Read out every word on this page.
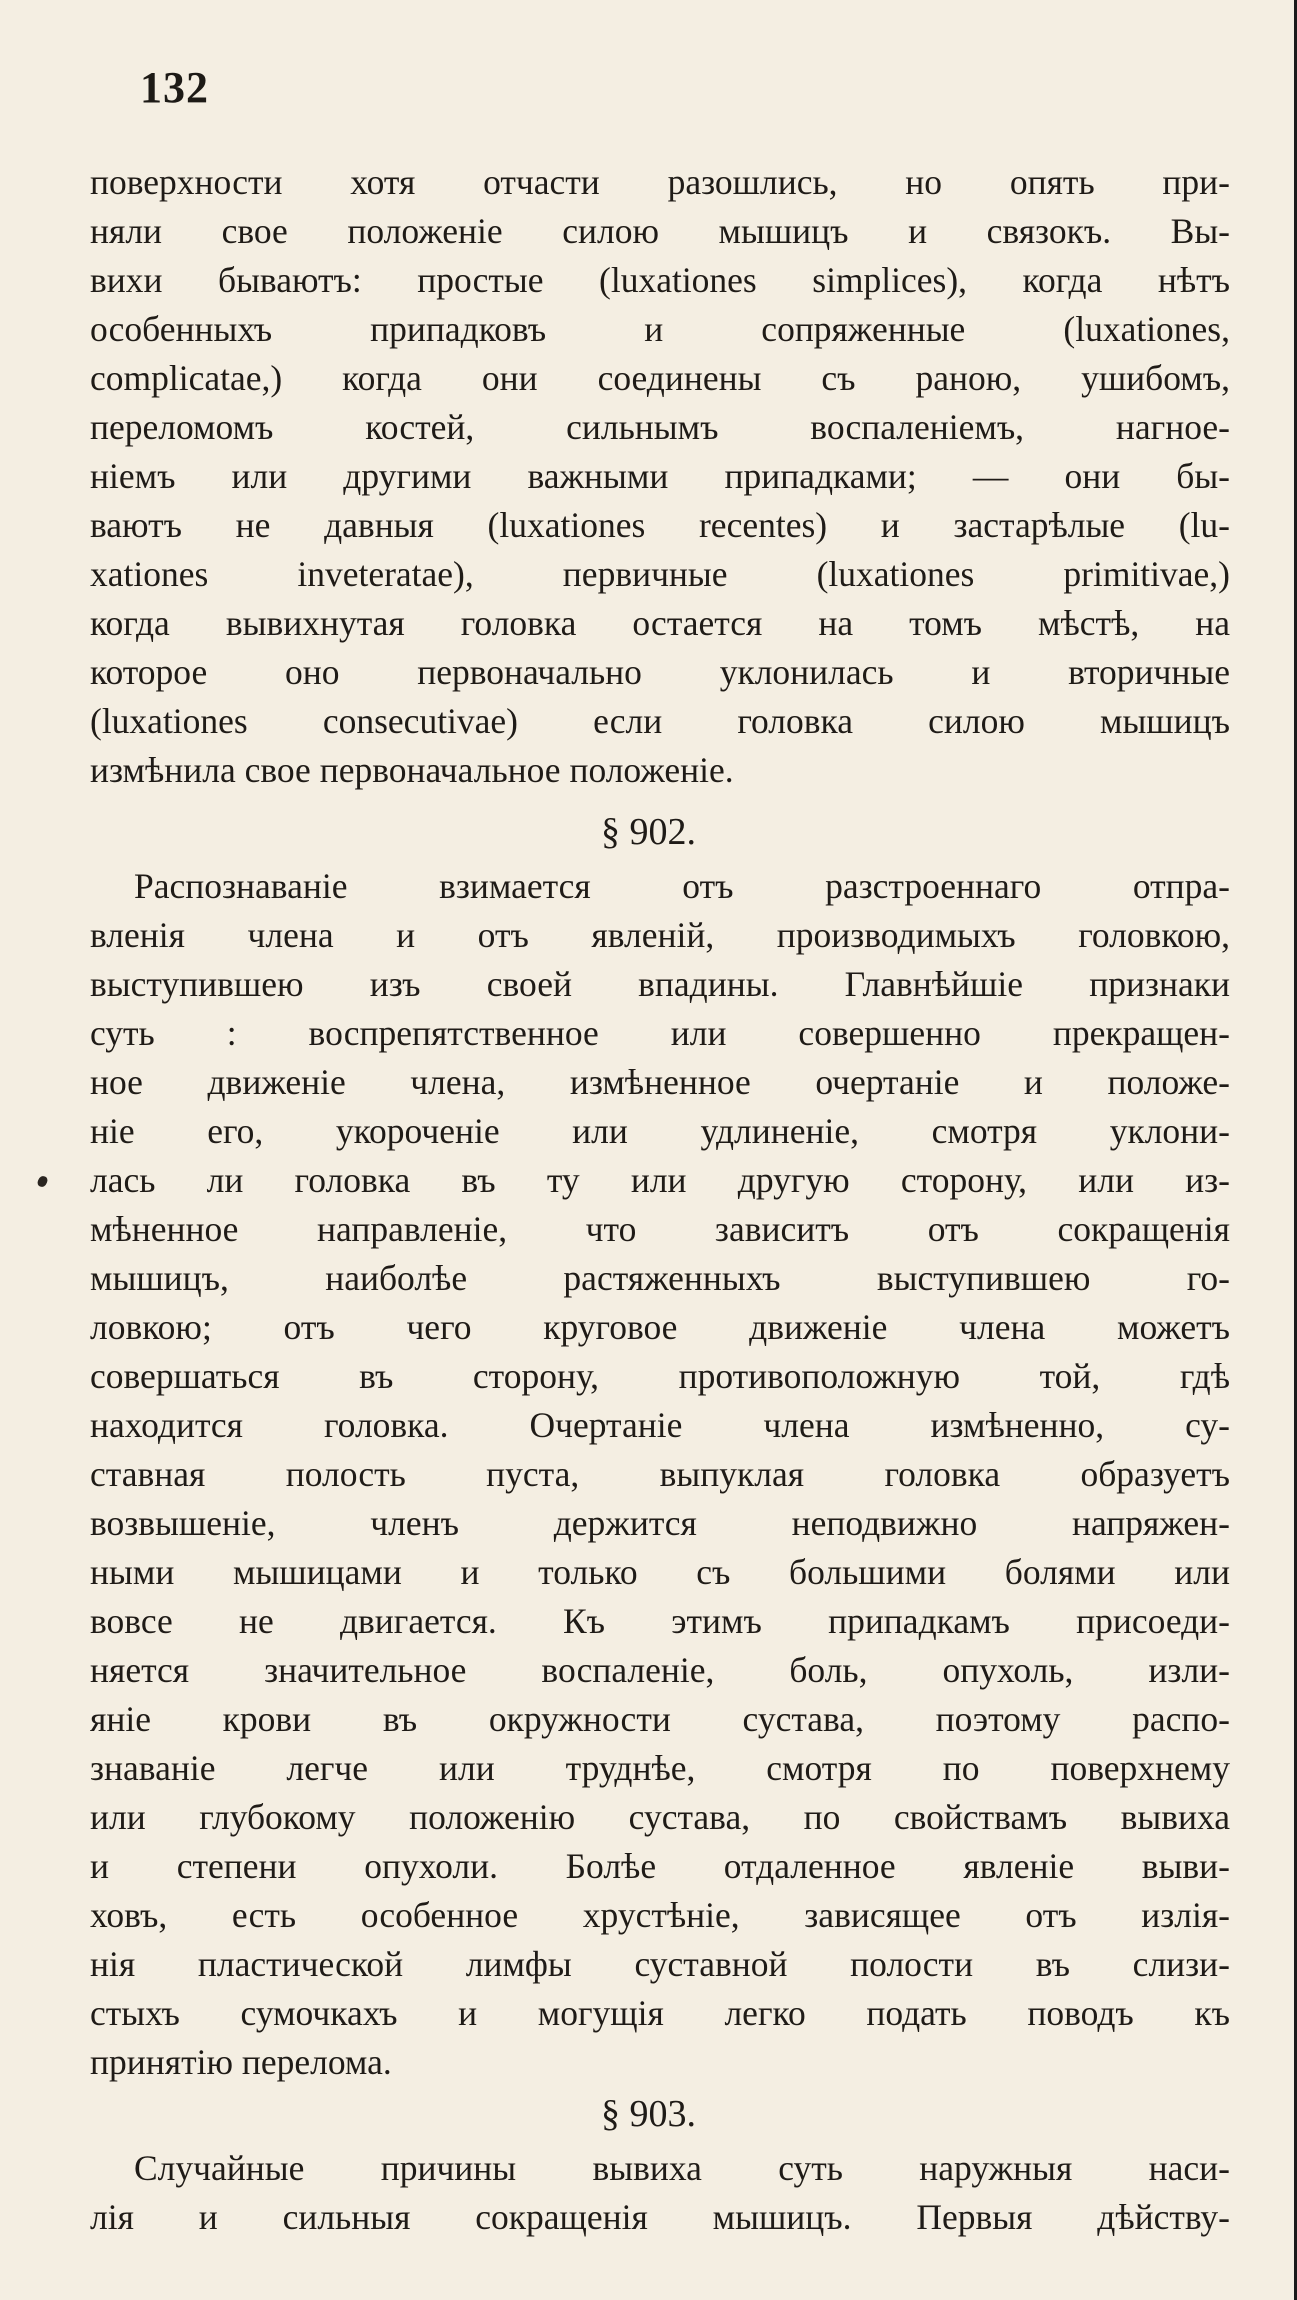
132
поверхности хотя отчасти разошлись, но опять при-
няли свое положеніе силою мышицъ и связокъ. Вы-
вихи бываютъ: простые (luxationes simplices), когда нѣтъ
особенныхъ припадковъ и сопряженные (luxationes,
complicatae,) когда они соединены съ раною, ушибомъ,
переломомъ костей, сильнымъ воспаленіемъ, нагное-
ніемъ или другими важными припадками; — они бы-
ваютъ не давныя (luxationes recentes) и застарѣлые (lu-
xationes inveteratae), первичные (luxationes primitivae,)
когда вывихнутая головка остается на томъ мѣстѣ, на
которое оно первоначально уклонилась и вторичные
(luxationes consecutivae) если головка силою мышицъ
измѣнила свое первоначальное положеніе.
§ 902.
Распознаваніе взимается отъ разстроеннаго отпра-
вленія члена и отъ явленій, производимыхъ головкою,
выступившею изъ своей впадины. Главнѣйшіе признаки
суть : воспрепятственное или совершенно прекращен-
ное движеніе члена, измѣненное очертаніе и положе-
ніе его, укороченіе или удлиненіе, смотря уклони-
лась ли головка въ ту или другую сторону, или из-
мѣненное направленіе, что зависитъ отъ сокращенія
мышицъ, наиболѣе растяженныхъ выступившею го-
ловкою; отъ чего круговое движеніе члена можетъ
совершаться въ сторону, противоположную той, гдѣ
находится головка. Очертаніе члена измѣненно, су-
ставная полость пуста, выпуклая головка образуетъ
возвышеніе, членъ держится неподвижно напряжен-
ными мышицами и только съ большими болями или
вовсе не двигается. Къ этимъ припадкамъ присоеди-
няется значительное воспаленіе, боль, опухоль, изли-
яніе крови въ окружности сустава, поэтому распо-
знаваніе легче или труднѣе, смотря по поверхнему
или глубокому положенію сустава, по свойствамъ вывиха
и степени опухоли. Болѣе отдаленное явленіе выви-
ховъ, есть особенное хрустѣніе, зависящее отъ излія-
нія пластической лимфы суставной полости въ слизи-
стыхъ сумочкахъ и могущія легко подать поводъ къ
принятію перелома.
§ 903.
Случайные причины вывиха суть наружныя наси-
лія и сильныя сокращенія мышицъ. Первыя дѣйству-
